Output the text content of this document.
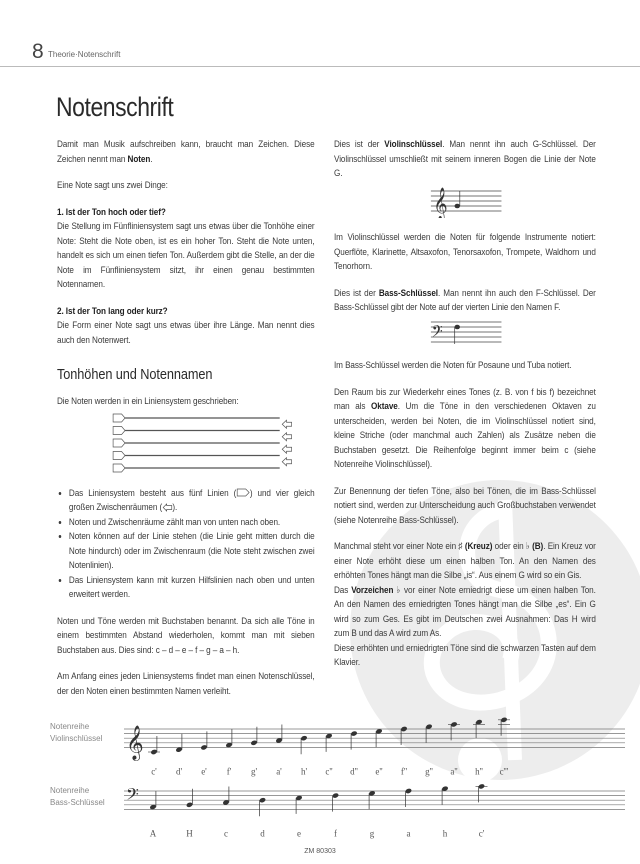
8 Theorie·Notenschrift
Notenschrift

Damit man Musik aufschreiben kann, braucht man Zeichen. Diese Zeichen nennt man Noten.

Eine Note sagt uns zwei Dinge:

1. Ist der Ton hoch oder tief?
Die Stellung im Fünfliniensystem sagt uns etwas über die Tonhöhe einer Note: Steht die Note oben, ist es ein hoher Ton. Steht die Note unten, handelt es sich um einen tiefen Ton. Außerdem gibt die Stelle, an der die Note im Fünfliniensystem sitzt, ihr einen genau bestimmten Notennamen.

2. Ist der Ton lang oder kurz?
Die Form einer Note sagt uns etwas über ihre Länge. Man nennt dies auch den Notenwert.

Tonhöhen und Notennamen

Die Noten werden in ein Liniensystem geschrieben:

• Das Liniensystem besteht aus fünf Linien ( ) und vier gleich großen Zwischenräumen ( ).
• Noten und Zwischenräume zählt man von unten nach oben.
• Noten können auf der Linie stehen (die Linie geht mitten durch die Note hindurch) oder im Zwischenraum (die Note steht zwischen zwei Notenlinien).
• Das Liniensystem kann mit kurzen Hilfslinien nach oben und unten erweitert werden.

Noten und Töne werden mit Buchstaben benannt. Da sich alle Töne in einem bestimmten Abstand wiederholen, kommt man mit sieben Buchstaben aus. Dies sind: c – d – e – f – g – a – h.

Am Anfang eines jeden Liniensystems findet man einen Notenschlüssel, der den Noten einen bestimmten Namen verleiht.

Dies ist der Violinschlüssel. Man nennt ihn auch G-Schlüssel. Der Violinschlüssel umschließt mit seinem inneren Bogen die Linie der Note G.

𝄞

Im Violinschlüssel werden die Noten für folgende Instrumente notiert: Querflöte, Klarinette, Altsaxofon, Tenorsaxofon, Trompete, Waldhorn und Tenorhorn.

Dies ist der Bass-Schlüssel. Man nennt ihn auch den F-Schlüssel. Der Bass-Schlüssel gibt der Note auf der vierten Linie den Namen F.

𝄢

Im Bass-Schlüssel werden die Noten für Posaune und Tuba notiert.

Den Raum bis zur Wiederkehr eines Tones (z. B. von f bis f) bezeichnet man als Oktave. Um die Töne in den verschiedenen Oktaven zu unterscheiden, werden bei Noten, die im Violinschlüssel notiert sind, kleine Striche (oder manchmal auch Zahlen) als Zusätze neben die Buchstaben gesetzt. Die Reihenfolge beginnt immer beim c (siehe Notenreihe Violinschlüssel).

Zur Benennung der tiefen Töne, also bei Tönen, die im Bass-Schlüssel notiert sind, werden zur Unterscheidung auch Großbuchstaben verwendet (siehe Notenreihe Bass-Schlüssel).

Manchmal steht vor einer Note ein ♯ (Kreuz) oder ein ♭ (B). Ein Kreuz vor einer Note erhöht diese um einen halben Ton. An den Namen des erhöhten Tones hängt man die Silbe „is“. Aus einem G wird so ein Gis.

Das Vorzeichen ♭ vor einer Note erniedrigt diese um einen halben Ton. An den Namen des erniedrigten Tones hängt man die Silbe „es“. Ein G wird so zum Ges. Es gibt im Deutschen zwei Ausnahmen: Das H wird zum B und das A wird zum As.

Diese erhöhten und erniedrigten Töne sind die schwarzen Tasten auf dem Klavier.

Notenreihe
Violinschlüssel
Notenreihe
Bass-Schlüssel
𝄞
c' d' e' f' g' a' h' c'' d'' e'' f'' g'' a'' h'' c'''
𝄢
A	H	c	d	e	f	g	a	h	c'
ZM 80303
